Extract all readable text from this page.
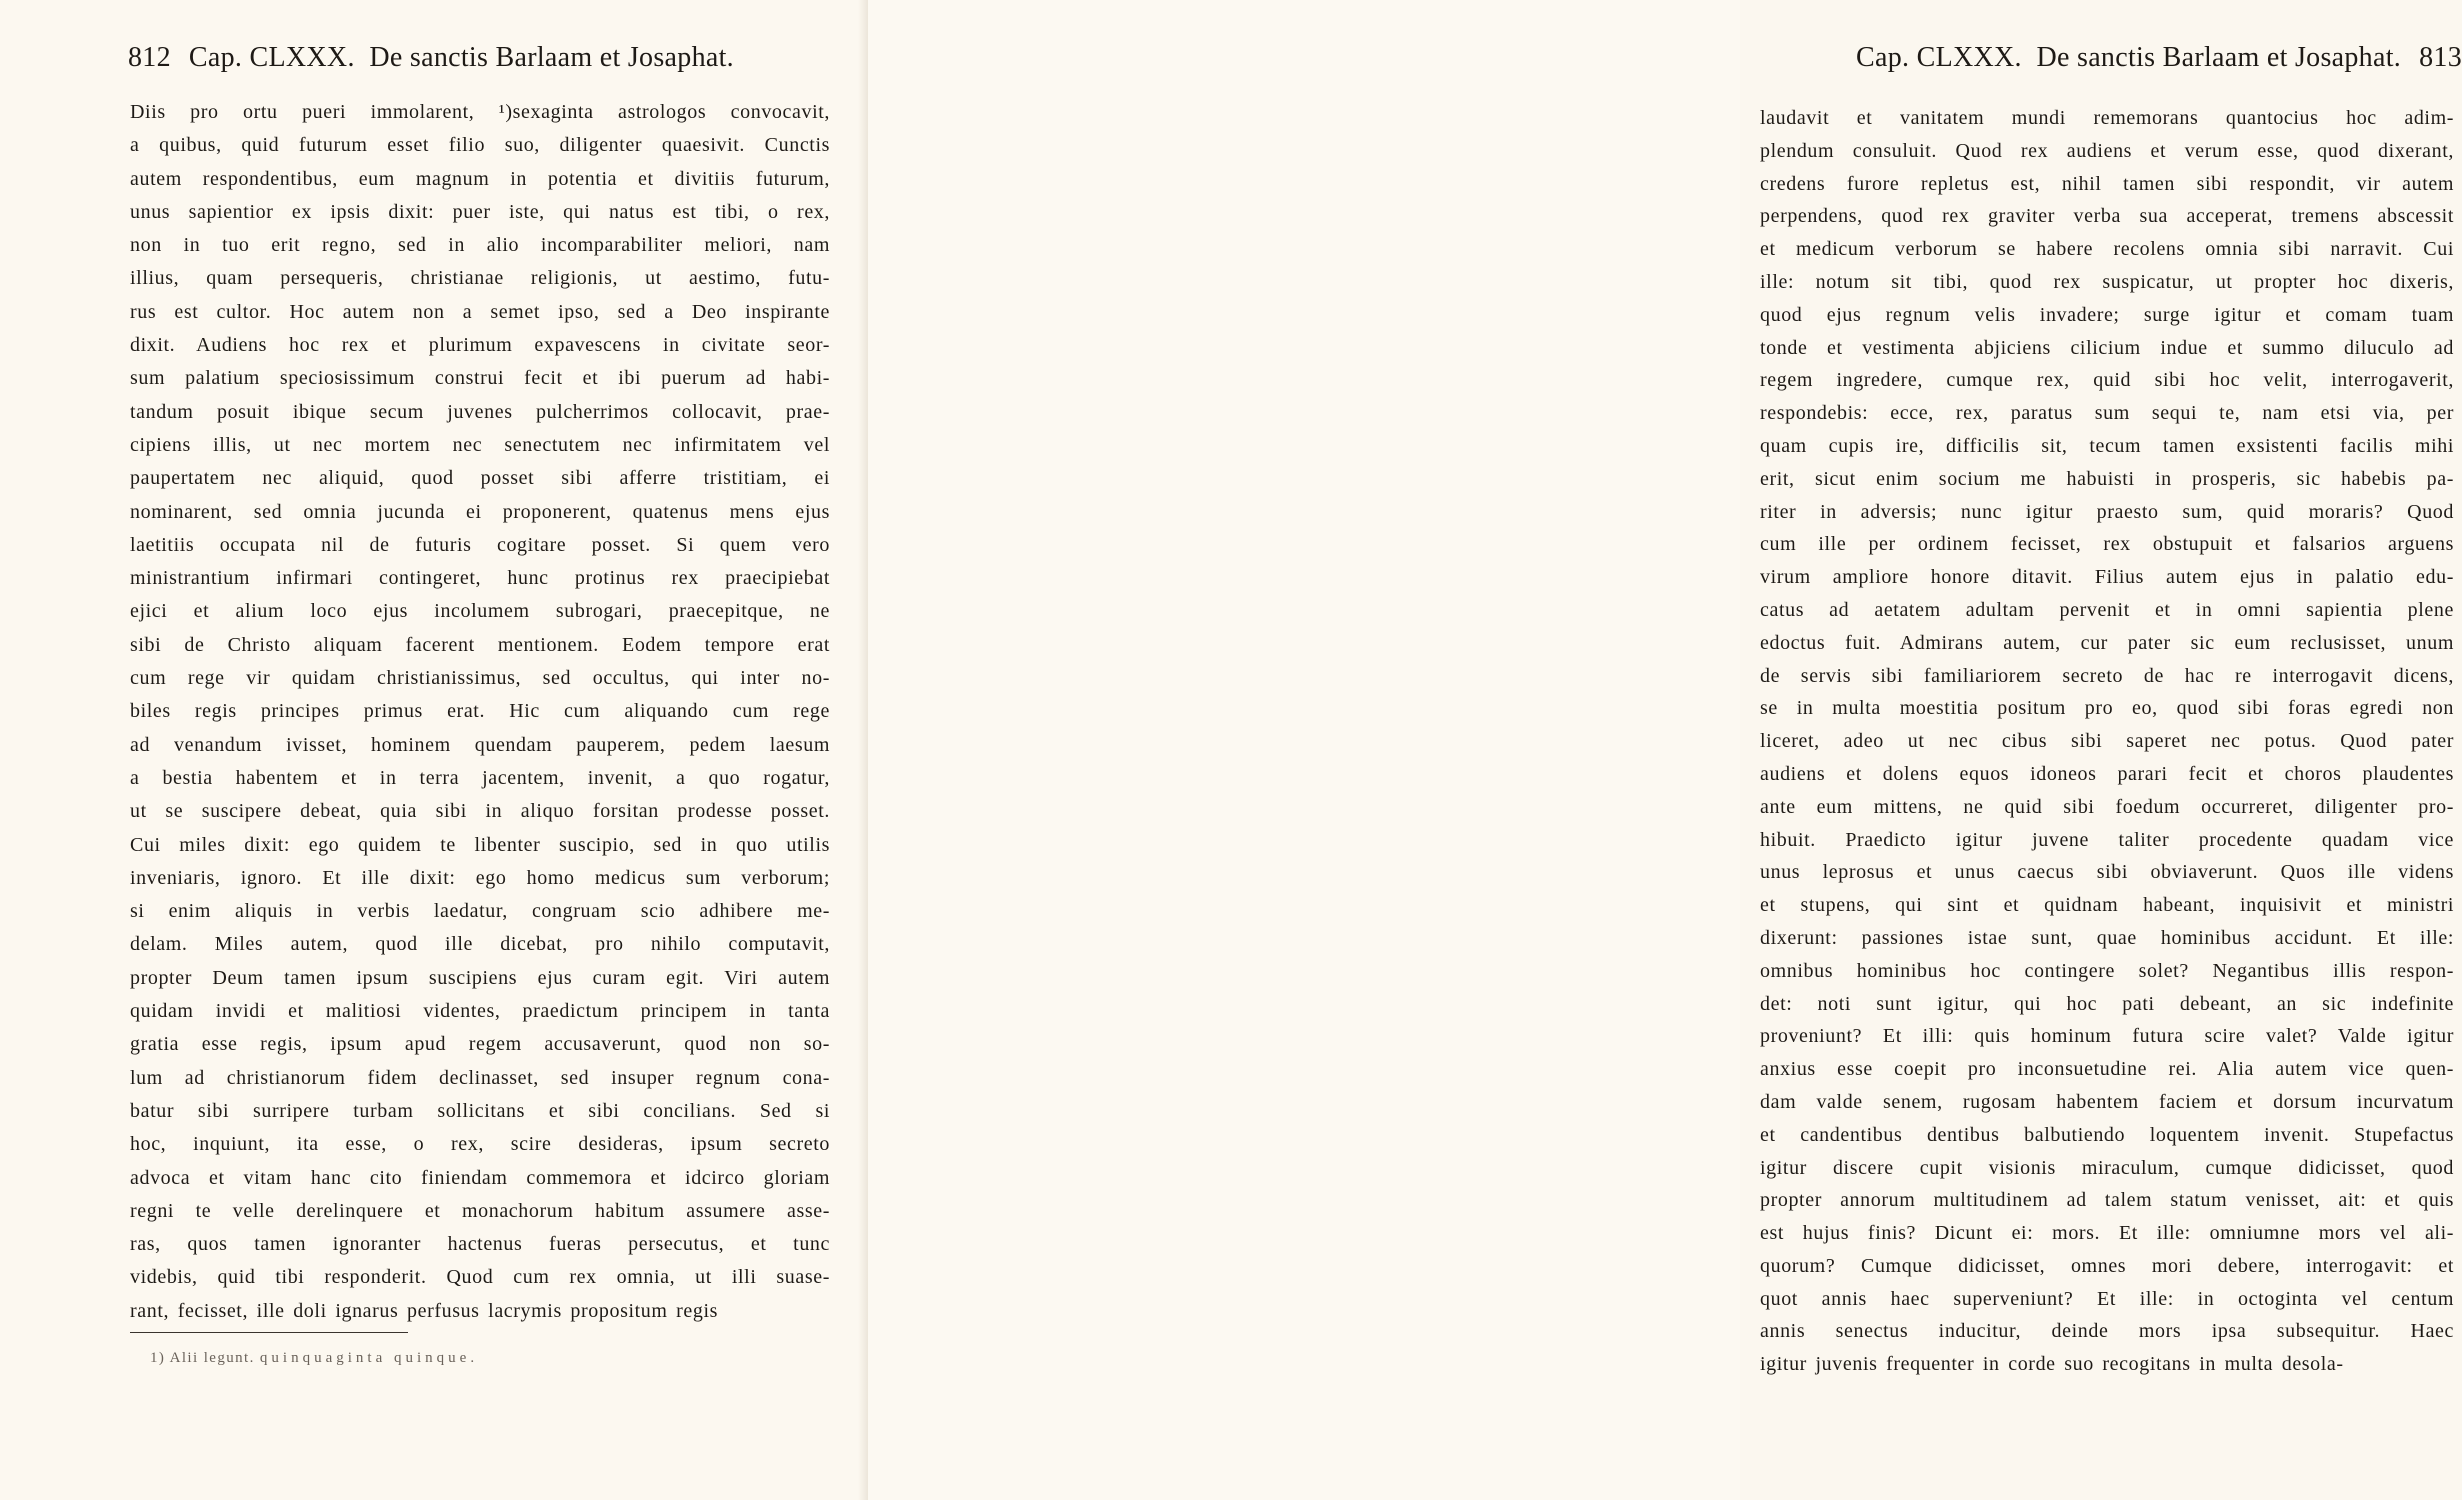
812 Cap. CLXXX.  De sanctis Barlaam et Josaphat.
Diis pro ortu pueri immolarent, ¹)sexaginta astrologos convocavit,
a quibus, quid futurum esset filio suo, diligenter quaesivit. Cunctis
autem respondentibus, eum magnum in potentia et divitiis futurum,
unus sapientior ex ipsis dixit: puer iste, qui natus est tibi, o rex,
non in tuo erit regno, sed in alio incomparabiliter meliori, nam
illius, quam persequeris, christianae religionis, ut aestimo, futu-
rus est cultor. Hoc autem non a semet ipso, sed a Deo inspirante
dixit. Audiens hoc rex et plurimum expavescens in civitate seor-
sum palatium speciosissimum construi fecit et ibi puerum ad habi-
tandum posuit ibique secum juvenes pulcherrimos collocavit, prae-
cipiens illis, ut nec mortem nec senectutem nec infirmitatem vel
paupertatem nec aliquid, quod posset sibi afferre tristitiam, ei
nominarent, sed omnia jucunda ei proponerent, quatenus mens ejus
laetitiis occupata nil de futuris cogitare posset. Si quem vero
ministrantium infirmari contingeret, hunc protinus rex praecipiebat
ejici et alium loco ejus incolumem subrogari, praecepitque, ne
sibi de Christo aliquam facerent mentionem. Eodem tempore erat
cum rege vir quidam christianissimus, sed occultus, qui inter no-
biles regis principes primus erat. Hic cum aliquando cum rege
ad venandum ivisset, hominem quendam pauperem, pedem laesum
a bestia habentem et in terra jacentem, invenit, a quo rogatur,
ut se suscipere debeat, quia sibi in aliquo forsitan prodesse posset.
Cui miles dixit: ego quidem te libenter suscipio, sed in quo utilis
inveniaris, ignoro. Et ille dixit: ego homo medicus sum verborum;
si enim aliquis in verbis laedatur, congruam scio adhibere me-
delam. Miles autem, quod ille dicebat, pro nihilo computavit,
propter Deum tamen ipsum suscipiens ejus curam egit. Viri autem
quidam invidi et malitiosi videntes, praedictum principem in tanta
gratia esse regis, ipsum apud regem accusaverunt, quod non so-
lum ad christianorum fidem declinasset, sed insuper regnum cona-
batur sibi surripere turbam sollicitans et sibi concilians. Sed si
hoc, inquiunt, ita esse, o rex, scire desideras, ipsum secreto
advoca et vitam hanc cito finiendam commemora et idcirco gloriam
regni te velle derelinquere et monachorum habitum assumere asse-
ras, quos tamen ignoranter hactenus fueras persecutus, et tunc
videbis, quid tibi responderit. Quod cum rex omnia, ut illi suase-
rant, fecisset, ille doli ignarus perfusus lacrymis propositum regis
1) Alii legunt. quinquaginta quinque.
Cap. CLXXX.  De sanctis Barlaam et Josaphat. 813
laudavit et vanitatem mundi rememorans quantocius hoc adim-
plendum consuluit. Quod rex audiens et verum esse, quod dixerant,
credens furore repletus est, nihil tamen sibi respondit, vir autem
perpendens, quod rex graviter verba sua acceperat, tremens abscessit
et medicum verborum se habere recolens omnia sibi narravit. Cui
ille: notum sit tibi, quod rex suspicatur, ut propter hoc dixeris,
quod ejus regnum velis invadere; surge igitur et comam tuam
tonde et vestimenta abjiciens cilicium indue et summo diluculo ad
regem ingredere, cumque rex, quid sibi hoc velit, interrogaverit,
respondebis: ecce, rex, paratus sum sequi te, nam etsi via, per
quam cupis ire, difficilis sit, tecum tamen exsistenti facilis mihi
erit, sicut enim socium me habuisti in prosperis, sic habebis pa-
riter in adversis; nunc igitur praesto sum, quid moraris? Quod
cum ille per ordinem fecisset, rex obstupuit et falsarios arguens
virum ampliore honore ditavit. Filius autem ejus in palatio edu-
catus ad aetatem adultam pervenit et in omni sapientia plene
edoctus fuit. Admirans autem, cur pater sic eum reclusisset, unum
de servis sibi familiariorem secreto de hac re interrogavit dicens,
se in multa moestitia positum pro eo, quod sibi foras egredi non
liceret, adeo ut nec cibus sibi saperet nec potus. Quod pater
audiens et dolens equos idoneos parari fecit et choros plaudentes
ante eum mittens, ne quid sibi foedum occurreret, diligenter pro-
hibuit. Praedicto igitur juvene taliter procedente quadam vice
unus leprosus et unus caecus sibi obviaverunt. Quos ille videns
et stupens, qui sint et quidnam habeant, inquisivit et ministri
dixerunt: passiones istae sunt, quae hominibus accidunt. Et ille:
omnibus hominibus hoc contingere solet? Negantibus illis respon-
det: noti sunt igitur, qui hoc pati debeant, an sic indefinite
proveniunt? Et illi: quis hominum futura scire valet? Valde igitur
anxius esse coepit pro inconsuetudine rei. Alia autem vice quen-
dam valde senem, rugosam habentem faciem et dorsum incurvatum
et candentibus dentibus balbutiendo loquentem invenit. Stupefactus
igitur discere cupit visionis miraculum, cumque didicisset, quod
propter annorum multitudinem ad talem statum venisset, ait: et quis
est hujus finis? Dicunt ei: mors. Et ille: omniumne mors vel ali-
quorum? Cumque didicisset, omnes mori debere, interrogavit: et
quot annis haec superveniunt? Et ille: in octoginta vel centum
annis senectus inducitur, deinde mors ipsa subsequitur. Haec
igitur juvenis frequenter in corde suo recogitans in multa desola-
